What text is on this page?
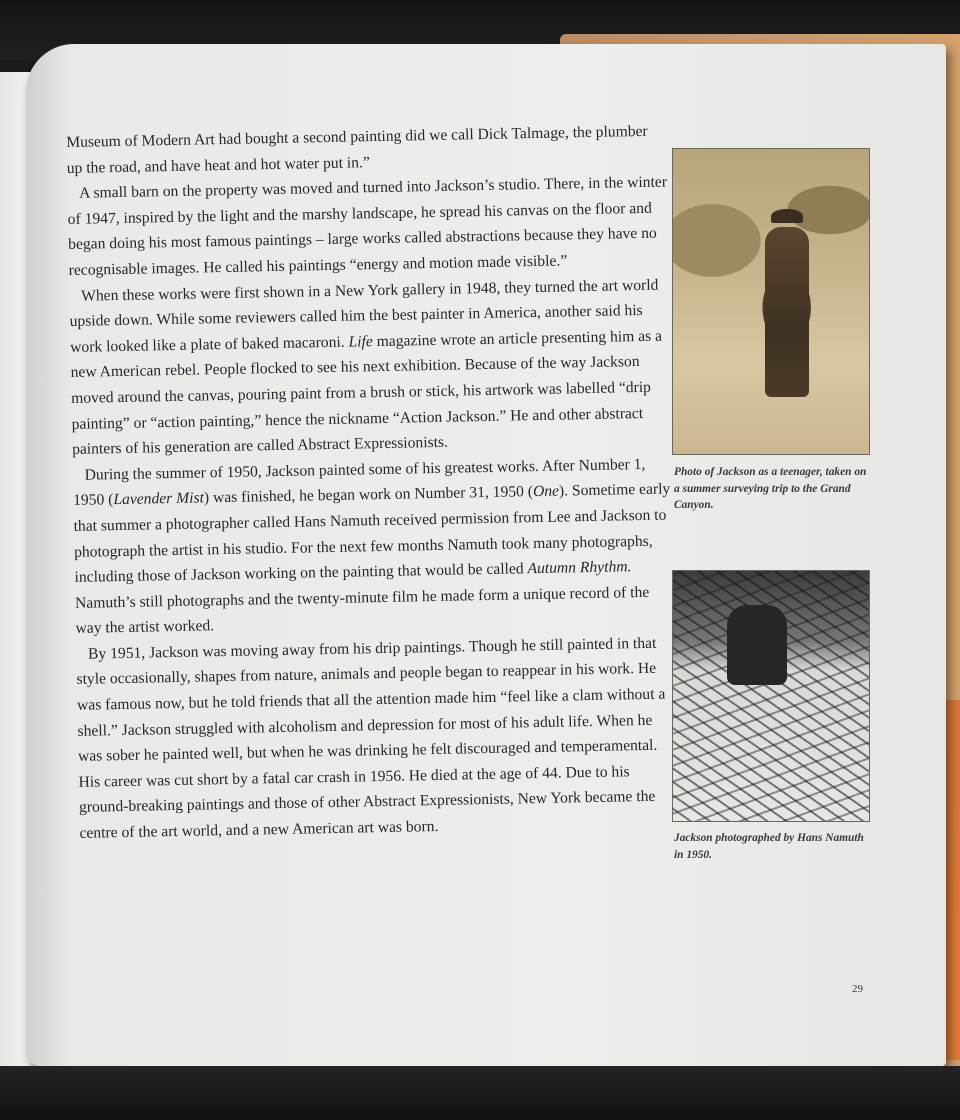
Museum of Modern Art had bought a second painting did we call Dick Talmage, the plumber up the road, and have heat and hot water put in.”

A small barn on the property was moved and turned into Jackson’s studio. There, in the winter of 1947, inspired by the light and the marshy landscape, he spread his canvas on the floor and began doing his most famous paintings – large works called abstractions because they have no recognisable images. He called his paintings “energy and motion made visible.”

When these works were first shown in a New York gallery in 1948, they turned the art world upside down. While some reviewers called him the best painter in America, another said his work looked like a plate of baked macaroni. Life magazine wrote an article presenting him as a new American rebel. People flocked to see his next exhibition. Because of the way Jackson moved around the canvas, pouring paint from a brush or stick, his artwork was labelled “drip painting” or “action painting,” hence the nickname “Action Jackson.” He and other abstract painters of his generation are called Abstract Expressionists.

During the summer of 1950, Jackson painted some of his greatest works. After Number 1, 1950 (Lavender Mist) was finished, he began work on Number 31, 1950 (One). Sometime early that summer a photographer called Hans Namuth received permission from Lee and Jackson to photograph the artist in his studio. For the next few months Namuth took many photographs, including those of Jackson working on the painting that would be called Autumn Rhythm. Namuth’s still photographs and the twenty-minute film he made form a unique record of the way the artist worked.

By 1951, Jackson was moving away from his drip paintings. Though he still painted in that style occasionally, shapes from nature, animals and people began to reappear in his work. He was famous now, but he told friends that all the attention made him “feel like a clam without a shell.” Jackson struggled with alcoholism and depression for most of his adult life. When he was sober he painted well, but when he was drinking he felt discouraged and temperamental. His career was cut short by a fatal car crash in 1956. He died at the age of 44. Due to his ground-breaking paintings and those of other Abstract Expressionists, New York became the centre of the art world, and a new American art was born.

Photo of Jackson as a teenager, taken on a summer surveying trip to the Grand Canyon.
Jackson photographed by Hans Namuth in 1950.
29
